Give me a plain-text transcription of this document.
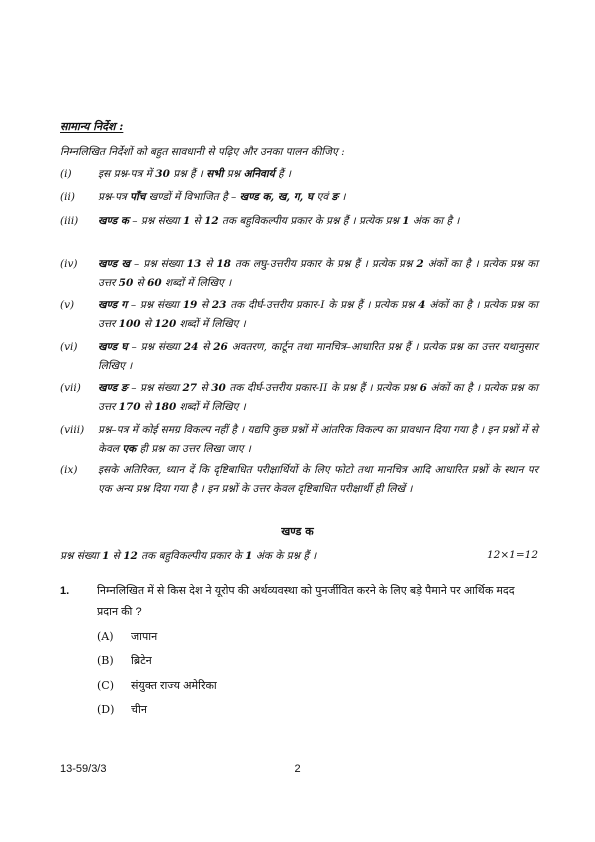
सामान्य निर्देश :
निम्नलिखित निर्देशों को बहुत सावधानी से पढ़िए और उनका पालन कीजिए :
(i)	इस प्रश्न-पत्र में 30 प्रश्न हैं । सभी प्रश्न अनिवार्य हैं ।
(ii)	प्रश्न-पत्र पाँच खण्डों में विभाजित है – खण्ड क, ख, ग, घ एवं ङ ।
(iii)	खण्ड क – प्रश्न संख्या 1 से 12 तक बहुविकल्पीय प्रकार के प्रश्न हैं । प्रत्येक प्रश्न 1 अंक का है ।
(iv)	खण्ड ख – प्रश्न संख्या 13 से 18 तक लघु-उत्तरीय प्रकार के प्रश्न हैं । प्रत्येक प्रश्न 2 अंकों का है । प्रत्येक प्रश्न का उत्तर 50 से 60 शब्दों में लिखिए ।
(v)	खण्ड ग – प्रश्न संख्या 19 से 23 तक दीर्घ-उत्तरीय प्रकार-I के प्रश्न हैं । प्रत्येक प्रश्न 4 अंकों का है । प्रत्येक प्रश्न का उत्तर 100 से 120 शब्दों में लिखिए ।
(vi)	खण्ड घ – प्रश्न संख्या 24 से 26 अवतरण, कार्टून तथा मानचित्र–आधारित प्रश्न हैं । प्रत्येक प्रश्न का उत्तर यथानुसार लिखिए ।
(vii)	खण्ड ङ – प्रश्न संख्या 27 से 30 तक दीर्घ-उत्तरीय प्रकार-II के प्रश्न हैं । प्रत्येक प्रश्न 6 अंकों का है । प्रत्येक प्रश्न का उत्तर 170 से 180 शब्दों में लिखिए ।
(viii)	प्रश्न–पत्र में कोई समग्र विकल्प नहीं है । यद्यपि कुछ प्रश्नों में आंतरिक विकल्प का प्रावधान दिया गया है । इन प्रश्नों में से केवल एक ही प्रश्न का उत्तर लिखा जाए ।
(ix)	इसके अतिरिक्त, ध्यान दें कि दृष्टिबाधित परीक्षार्थियों के लिए फोटो तथा मानचित्र आदि आधारित प्रश्नों के स्थान पर एक अन्य प्रश्न दिया गया है । इन प्रश्नों के उत्तर केवल दृष्टिबाधित परीक्षार्थी ही लिखें ।
खण्ड क
प्रश्न संख्या 1 से 12 तक बहुविकल्पीय प्रकार के 1 अंक के प्रश्न हैं ।	12×1=12
1.	निम्नलिखित में से किस देश ने यूरोप की अर्थव्यवस्था को पुनर्जीवित करने के लिए बड़े पैमाने पर आर्थिक मदद प्रदान की ?
(A) जापान
(B) ब्रिटेन
(C) संयुक्त राज्य अमेरिका
(D) चीन
2
13-59/3/3
